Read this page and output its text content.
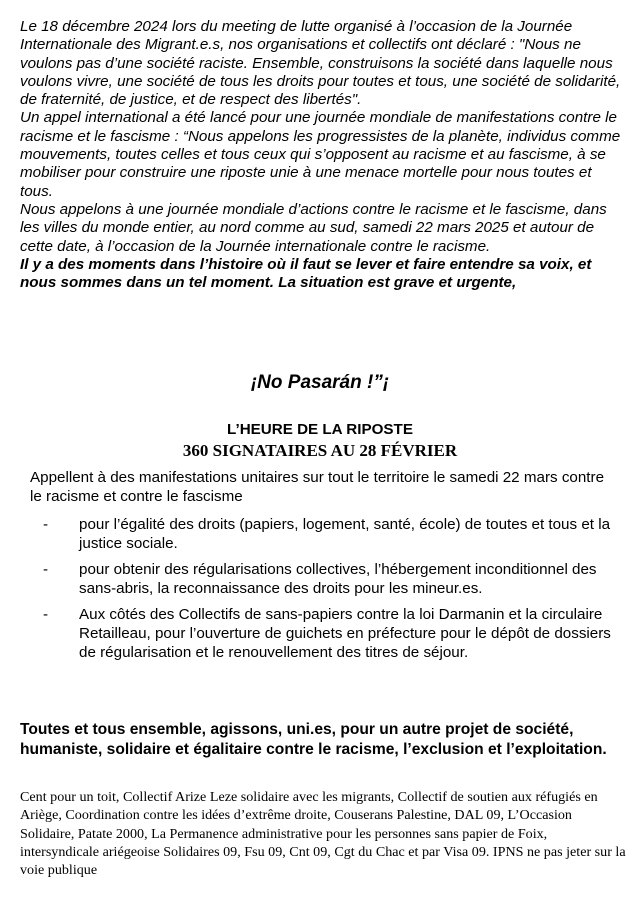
Le 18 décembre 2024 lors du meeting de lutte organisé à l’occasion de la Journée Internationale des Migrant.e.s, nos organisations et collectifs ont déclaré : "Nous ne voulons pas d’une société raciste. Ensemble, construisons la société dans laquelle nous voulons vivre, une société de tous les droits pour toutes et tous, une société de solidarité, de fraternité, de justice, et de respect des libertés".

Un appel international a été lancé pour une journée mondiale de manifestations contre le racisme et le fascisme : “Nous appelons les progressistes de la planète, individus comme mouvements, toutes celles et tous ceux qui s’opposent au racisme et au fascisme, à se mobiliser pour construire une riposte unie à une menace mortelle pour nous toutes et tous.

Nous appelons à une journée mondiale d’actions contre le racisme et le fascisme, dans les villes du monde entier, au nord comme au sud, samedi 22 mars 2025 et autour de cette date, à l’occasion de la Journée internationale contre le racisme.

Il y a des moments dans l’histoire où il faut se lever et faire entendre sa voix, et nous sommes dans un tel moment. La situation est grave et urgente,

¡No Pasarán !”¡
L’HEURE DE LA RIPOSTE
360 SIGNATAIRES AU 28 FÉVRIER

Appellent à des manifestations unitaires sur tout le territoire le samedi 22 mars contre le racisme et contre le fascisme

- pour l’égalité des droits (papiers, logement, santé, école) de toutes et tous et la justice sociale.
- pour obtenir des régularisations collectives, l’hébergement inconditionnel des sans-abris, la reconnaissance des droits pour les mineur.es.
- Aux côtés des Collectifs de sans-papiers contre la loi Darmanin et la circulaire Retailleau, pour l’ouverture de guichets en préfecture pour le dépôt de dossiers de régularisation et le renouvellement des titres de séjour.

Toutes et tous ensemble, agissons, uni.es, pour un autre projet de société, humaniste, solidaire et égalitaire contre le racisme, l’exclusion et l’exploitation.

Cent pour un toit, Collectif Arize Leze solidaire avec les migrants, Collectif de soutien aux réfugiés en Ariège, Coordination contre les idées d’extrême droite, Couserans Palestine, DAL 09, L’Occasion Solidaire, Patate 2000, La Permanence administrative pour les personnes sans papier de Foix, intersyndicale ariégeoise Solidaires 09, Fsu 09, Cnt 09, Cgt du Chac et par Visa 09. IPNS ne pas jeter sur la voie publique
